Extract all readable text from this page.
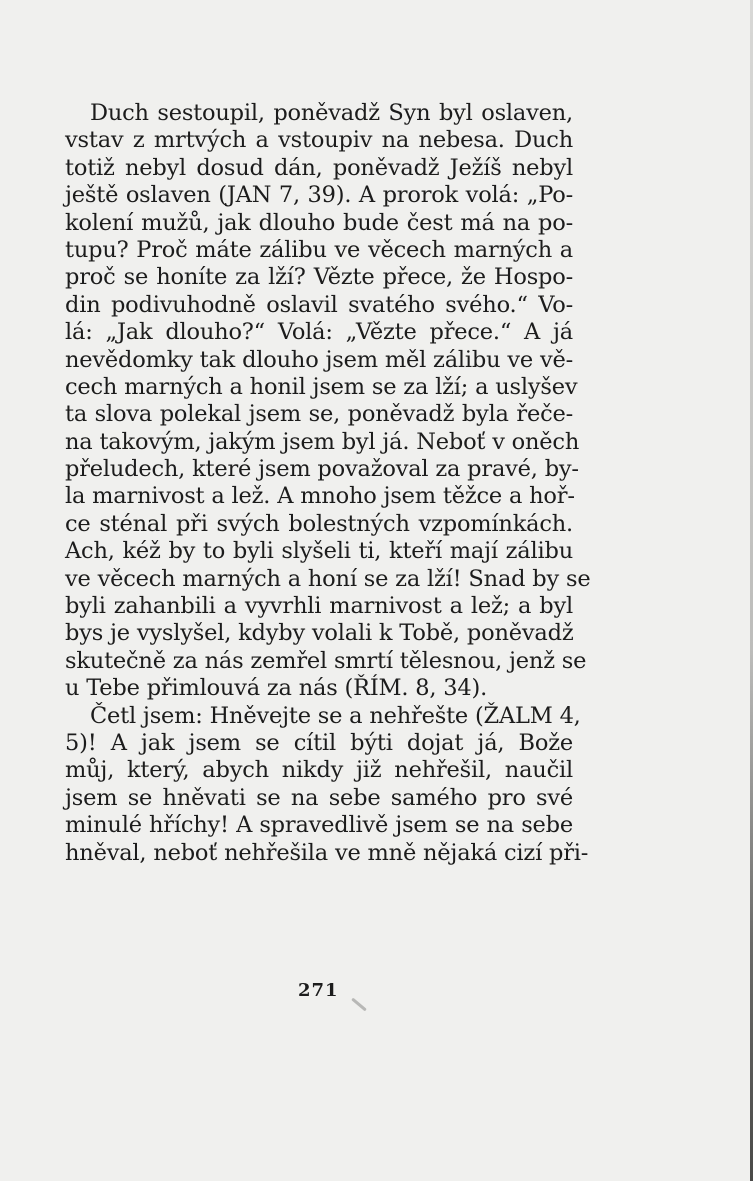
Duch sestoupil, poněvadž Syn byl oslaven,
vstav z mrtvých a vstoupiv na nebesa. Duch
totiž nebyl dosud dán, poněvadž Ježíš nebyl
ještě oslaven (JAN 7, 39). A prorok volá: „Po-
kolení mužů, jak dlouho bude čest má na po-
tupu? Proč máte zálibu ve věcech marných a
proč se honíte za lží? Vězte přece, že Hospo-
din podivuhodně oslavil svatého svého.“ Vo-
lá: „Jak dlouho?“ Volá: „Vězte přece.“ A já
nevědomky tak dlouho jsem měl zálibu ve vě-
cech marných a honil jsem se za lží; a uslyšev
ta slova polekal jsem se, poněvadž byla řeče-
na takovým, jakým jsem byl já. Neboť v oněch
přeludech, které jsem považoval za pravé, by-
la marnivost a lež. A mnoho jsem těžce a hoř-
ce sténal při svých bolestných vzpomínkách.
Ach, kéž by to byli slyšeli ti, kteří mají zálibu
ve věcech marných a honí se za lží! Snad by se
byli zahanbili a vyvrhli marnivost a lež; a byl
bys je vyslyšel, kdyby volali k Tobě, poněvadž
skutečně za nás zemřel smrtí tělesnou, jenž se
u Tebe přimlouvá za nás (ŘÍM. 8, 34).
Četl jsem: Hněvejte se a nehřešte (ŽALM 4,
5)! A jak jsem se cítil býti dojat já, Bože
můj, který, abych nikdy již nehřešil, naučil
jsem se hněvati se na sebe samého pro své
minulé hříchy! A spravedlivě jsem se na sebe
hněval, neboť nehřešila ve mně nějaká cizí při-
271
